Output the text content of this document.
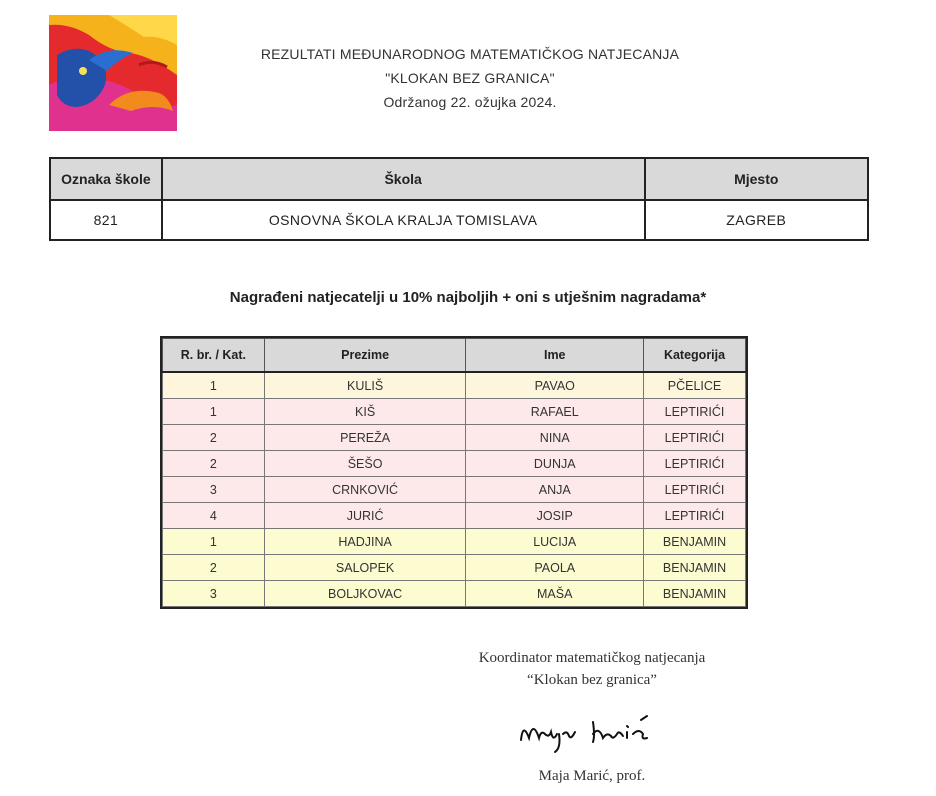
REZULTATI MEĐUNARODNOG MATEMATIČKOG NATJECANJA
"KLOKAN BEZ GRANICA"
Održanog 22. ožujka 2024.
Oznaka škole	Škola	Mjesto
821	OSNOVNA ŠKOLA KRALJA TOMISLAVA	ZAGREB
Nagrađeni natjecatelji u 10% najboljih + oni s utješnim nagradama*
R. br. / Kat.	Prezime	Ime	Kategorija
1	KULIŠ	PAVAO	PČELICE
1	KIŠ	RAFAEL	LEPTIRIĆI
2	PEREŽA	NINA	LEPTIRIĆI
2	ŠEŠO	DUNJA	LEPTIRIĆI
3	CRNKOVIĆ	ANJA	LEPTIRIĆI
4	JURIĆ	JOSIP	LEPTIRIĆI
1	HADJINA	LUCIJA	BENJAMIN
2	SALOPEK	PAOLA	BENJAMIN
3	BOLJKOVAC	MAŠA	BENJAMIN
Koordinator matematičkog natjecanja
“Klokan bez granica”
Maja Marić, prof.
